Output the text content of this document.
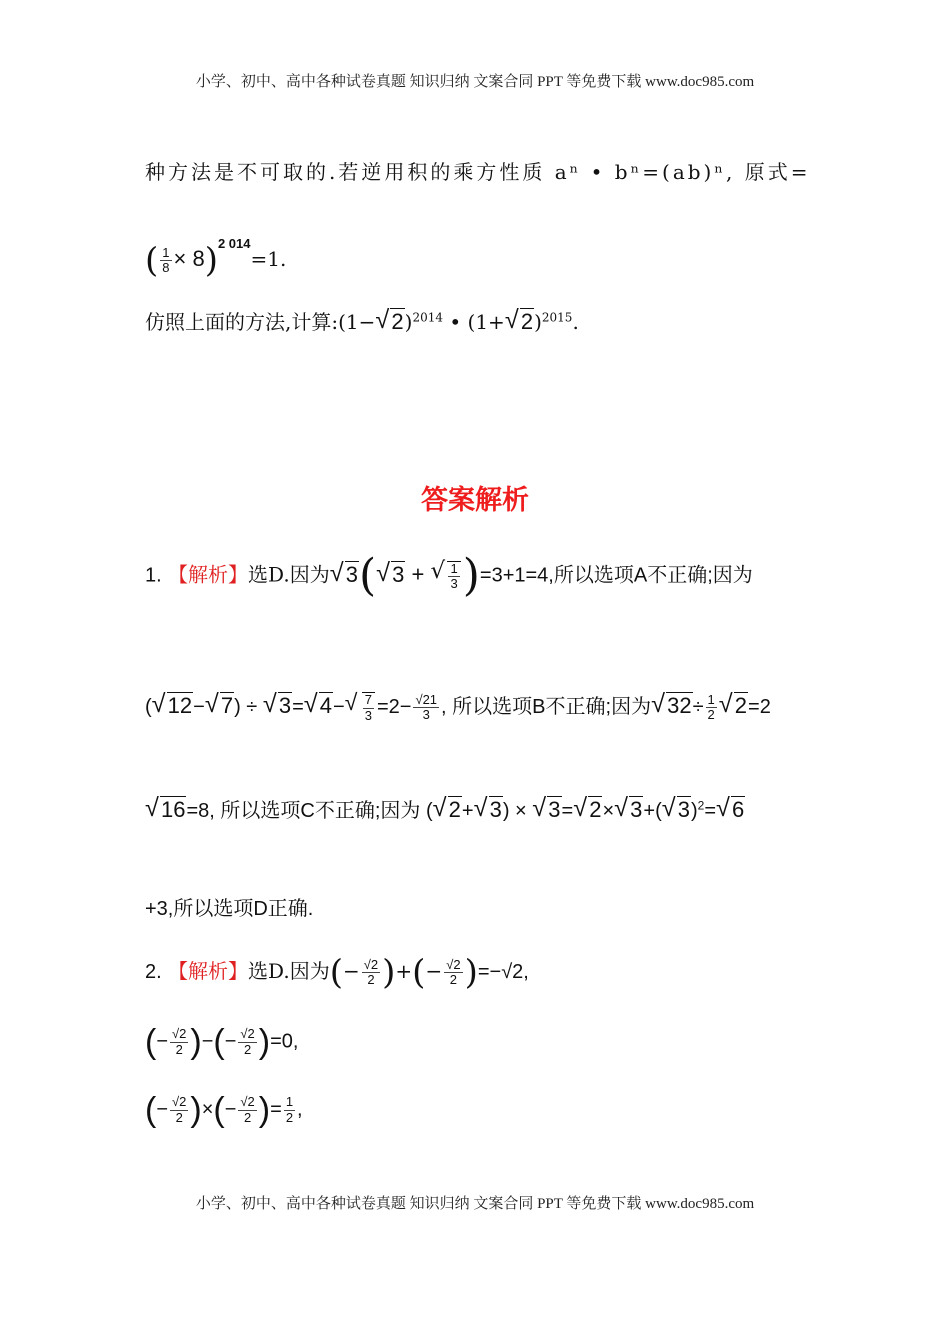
小学、初中、高中各种试卷真题 知识归纳 文案合同 PPT 等免费下载 www.doc985.com
种方法是不可取的.若逆用积的乘方性质 aⁿ • bⁿ=(ab)ⁿ, 原式=
( $\frac{1}{8} \times 8)^{2 014}=1$.
仿照上面的方法,计算:(1− √ 2)$^{2014}$ • (1+ √ 2)$^{2015}$.
答案解析
1. 【解析】选D.因为 √ 3( √ 3 + √ $\frac{1}{3} )=3+1=4$,所以选项A不正确;因为
( √ 12− √ 7) ÷ √ 3= √ 4− √ $\frac{7}{3} =2- \frac{√21}{3}$ , 所以选项B不正确;因为 √ $32\div \frac{1}{2}$ √ 2=2
√ 16=8, 所以选项C不正确;因为 ( √ 2+ √ 3) × √ 3= √ 2× √ 3+( √ 3)$^2$= √ 6
+3,所以选项D正确.
2. 【解析】选D.因为(− $\frac{√2}{2}$ )+(− $\frac{√2}{2} )=-√2$,
(− $\frac{√2}{2}$ )−(− $\frac{√2}{2} )=0$,
(− $\frac{√2}{2}$ )×(− $\frac{√2}{2}$ )= $\frac{1}{2}$ ,
小学、初中、高中各种试卷真题 知识归纳 文案合同 PPT 等免费下载 www.doc985.com
